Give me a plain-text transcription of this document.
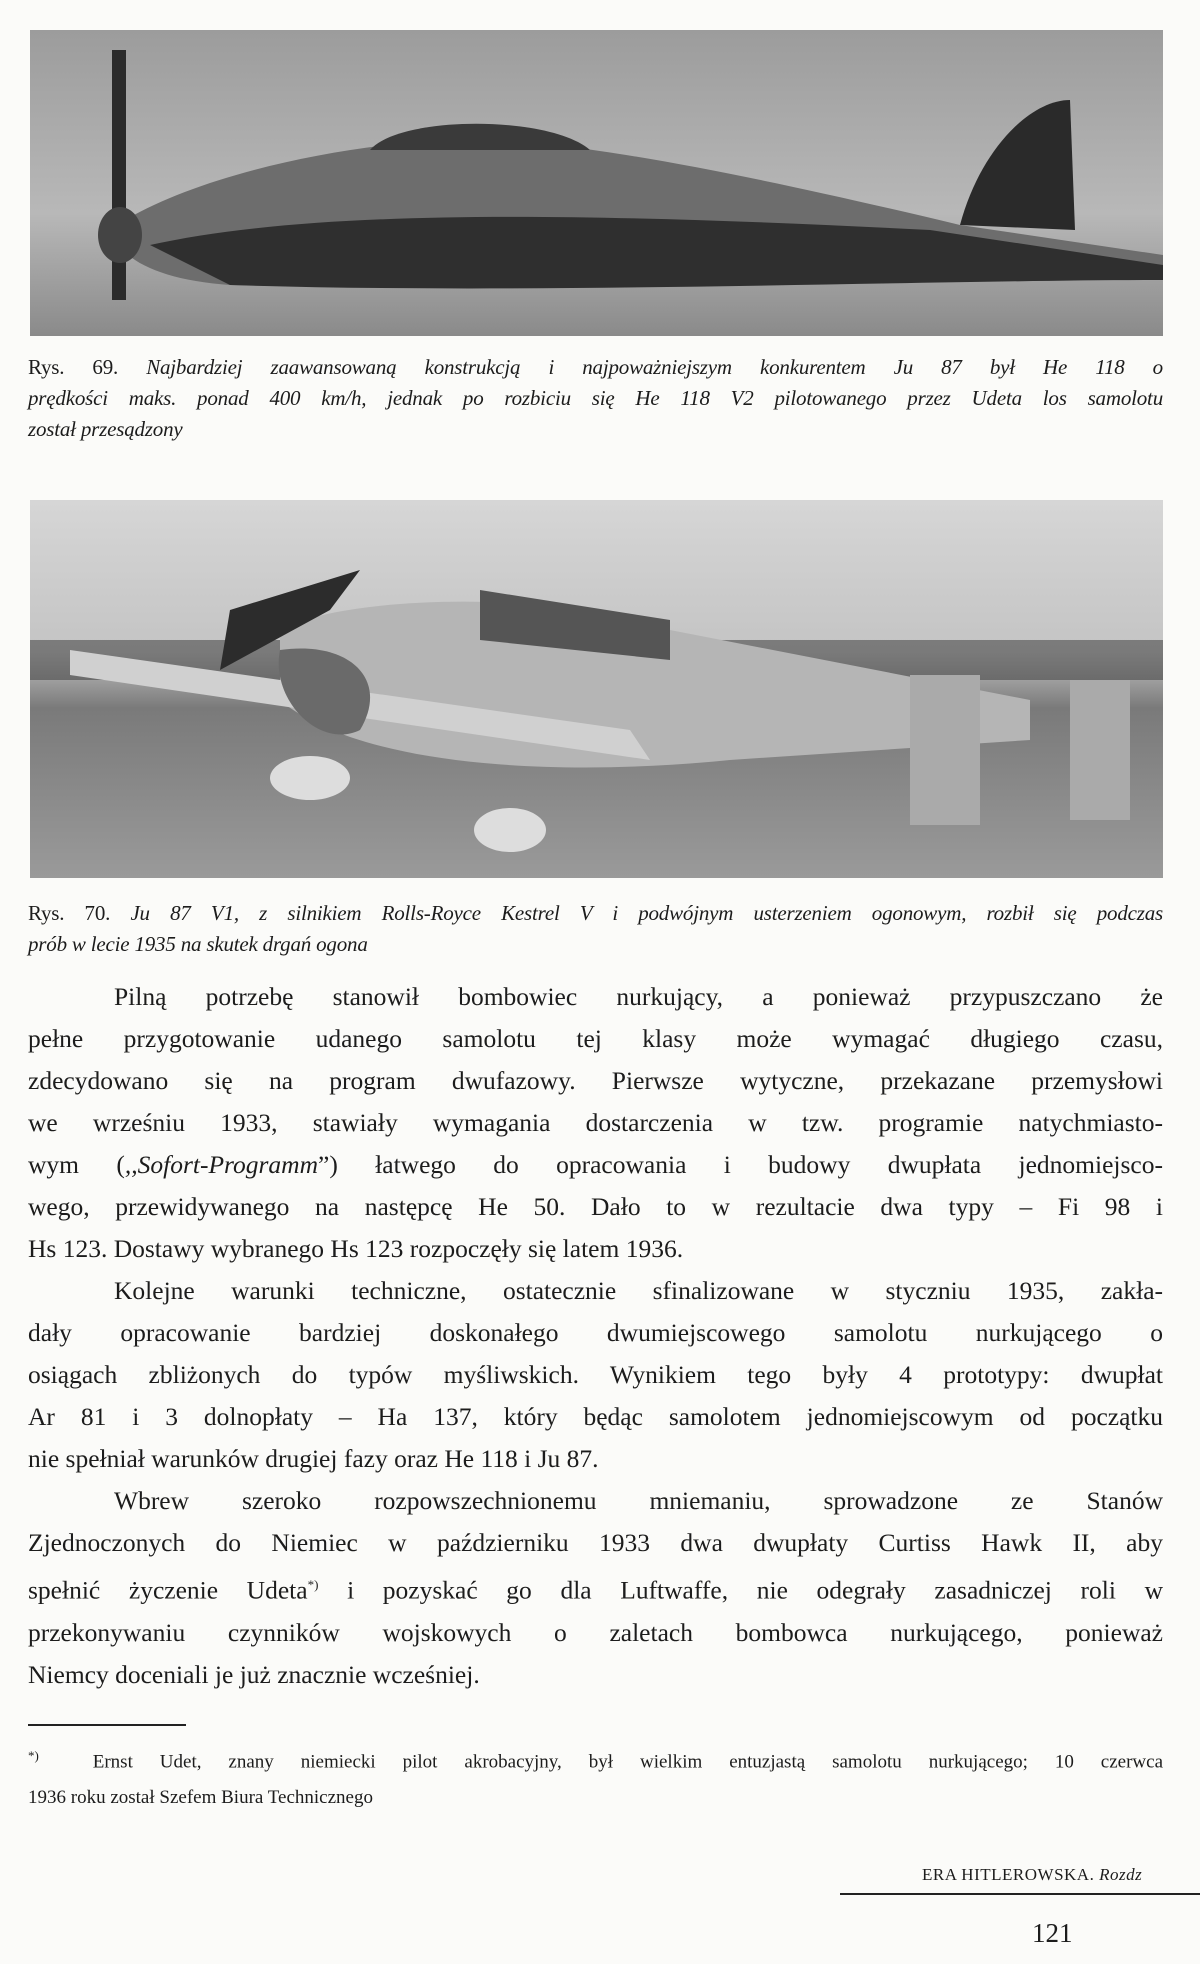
Rys. 69. Najbardziej zaawansowaną konstrukcją i najpoważniejszym konkurentem Ju 87 był He 118 o
prędkości maks. ponad 400 km/h, jednak po rozbiciu się He 118 V2 pilotowanego przez Udeta los samolotu
został przesądzony
Rys. 70. Ju 87 V1, z silnikiem Rolls-Royce Kestrel V i podwójnym usterzeniem ogonowym, rozbił się podczas
prób w lecie 1935 na skutek drgań ogona
Pilną potrzebę stanowił bombowiec nurkujący, a ponieważ przypuszczano że
pełne przygotowanie udanego samolotu tej klasy może wymagać długiego czasu,
zdecydowano się na program dwufazowy. Pierwsze wytyczne, przekazane przemysłowi
we wrześniu 1933, stawiały wymagania dostarczenia w tzw. programie natychmiasto-
wym (,,Sofort-Programm”) łatwego do opracowania i budowy dwupłata jednomiejsco-
wego, przewidywanego na następcę He 50. Dało to w rezultacie dwa typy – Fi 98 i
Hs 123. Dostawy wybranego Hs 123 rozpoczęły się latem 1936.
Kolejne warunki techniczne, ostatecznie sfinalizowane w styczniu 1935, zakła-
dały opracowanie bardziej doskonałego dwumiejscowego samolotu nurkującego o
osiągach zbliżonych do typów myśliwskich. Wynikiem tego były 4 prototypy: dwupłat
Ar 81 i 3 dolnopłaty – Ha 137, który będąc samolotem jednomiejscowym od początku
nie spełniał warunków drugiej fazy oraz He 118 i Ju 87.
Wbrew szeroko rozpowszechnionemu mniemaniu, sprowadzone ze Stanów
Zjednoczonych do Niemiec w październiku 1933 dwa dwupłaty Curtiss Hawk II, aby
spełnić życzenie Udeta*) i pozyskać go dla Luftwaffe, nie odegrały zasadniczej roli w
przekonywaniu czynników wojskowych o zaletach bombowca nurkującego, ponieważ
Niemcy doceniali je już znacznie wcześniej.
*)	Ernst Udet, znany niemiecki pilot akrobacyjny, był wielkim entuzjastą samolotu nurkującego; 10 czerwca
1936 roku został Szefem Biura Technicznego
ERA HITLEROWSKA. Rozdz
121
